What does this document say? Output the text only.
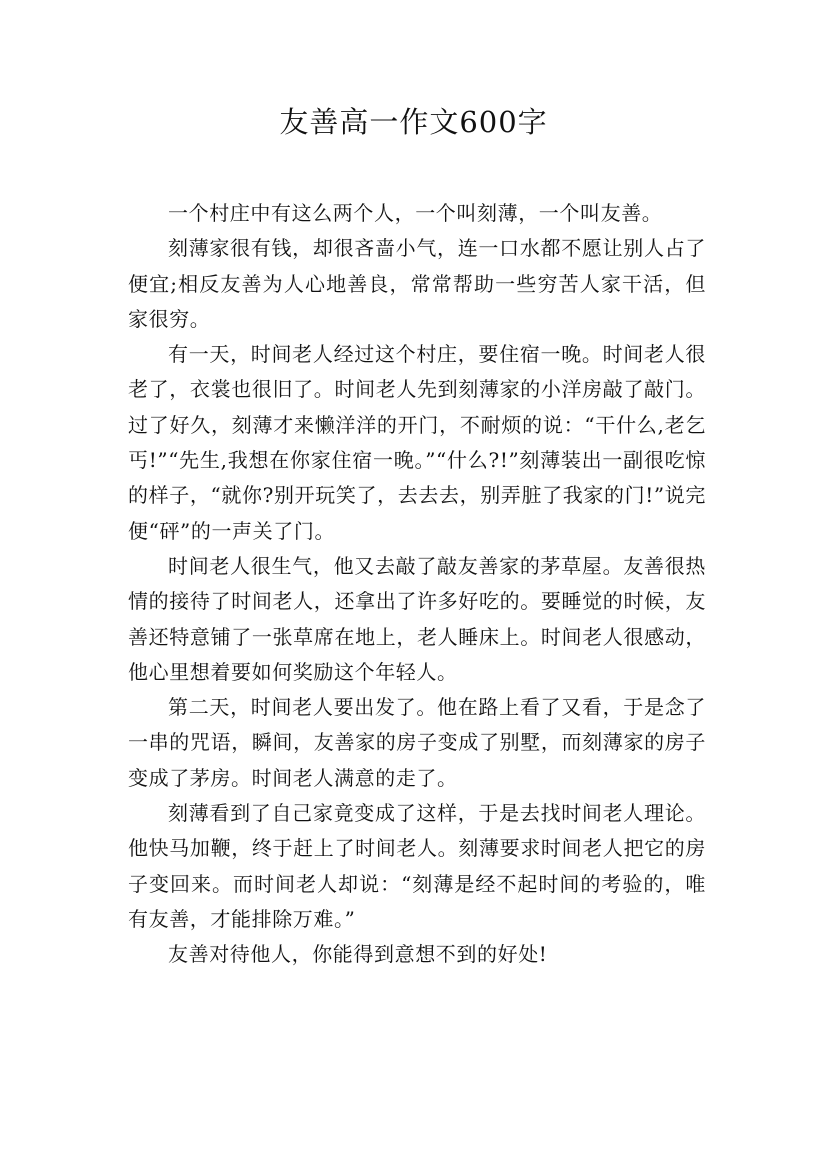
友善高一作文600字

一个村庄中有这么两个人，一个叫刻薄，一个叫友善。

刻薄家很有钱，却很吝啬小气，连一口水都不愿让别人占了便宜;相反友善为人心地善良，常常帮助一些穷苦人家干活，但家很穷。

有一天，时间老人经过这个村庄，要住宿一晚。时间老人很老了，衣裳也很旧了。时间老人先到刻薄家的小洋房敲了敲门。过了好久，刻薄才来懒洋洋的开门，不耐烦的说：“干什么,老乞丐!”“先生,我想在你家住宿一晚。”“什么?!”刻薄装出一副很吃惊的样子，“就你?别开玩笑了，去去去，别弄脏了我家的门!”说完便“砰”的一声关了门。

时间老人很生气，他又去敲了敲友善家的茅草屋。友善很热情的接待了时间老人，还拿出了许多好吃的。要睡觉的时候，友善还特意铺了一张草席在地上，老人睡床上。时间老人很感动，他心里想着要如何奖励这个年轻人。

第二天，时间老人要出发了。他在路上看了又看，于是念了一串的咒语，瞬间，友善家的房子变成了别墅，而刻薄家的房子变成了茅房。时间老人满意的走了。

刻薄看到了自己家竟变成了这样，于是去找时间老人理论。他快马加鞭，终于赶上了时间老人。刻薄要求时间老人把它的房子变回来。而时间老人却说：“刻薄是经不起时间的考验的，唯有友善，才能排除万难。”

友善对待他人，你能得到意想不到的好处!
